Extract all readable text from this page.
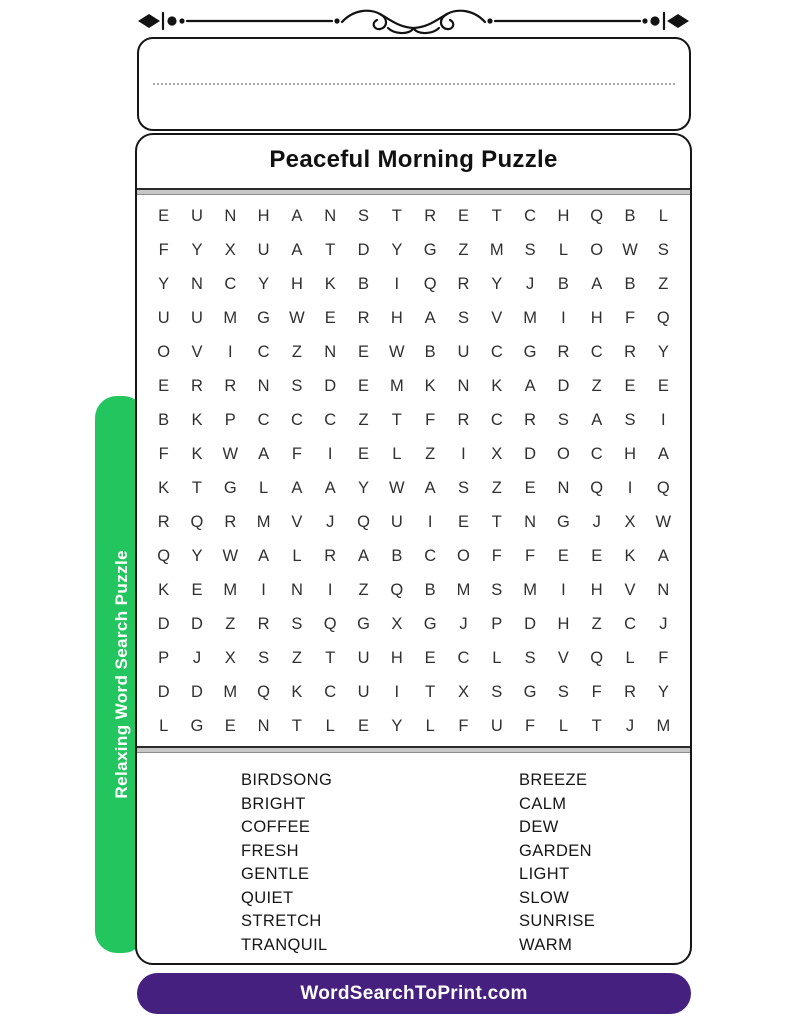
Relaxing Word Search Puzzle
Peaceful Morning Puzzle
E	U	N	H	A	N	S	T	R	E	T	C	H	Q	B	L
F	Y	X	U	A	T	D	Y	G	Z	M	S	L	O	W	S
Y	N	C	Y	H	K	B	I	Q	R	Y	J	B	A	B	Z
U	U	M	G	W	E	R	H	A	S	V	M	I	H	F	Q
O	V	I	C	Z	N	E	W	B	U	C	G	R	C	R	Y
E	R	R	N	S	D	E	M	K	N	K	A	D	Z	E	E
B	K	P	C	C	C	Z	T	F	R	C	R	S	A	S	I
F	K	W	A	F	I	E	L	Z	I	X	D	O	C	H	A
K	T	G	L	A	A	Y	W	A	S	Z	E	N	Q	I	Q
R	Q	R	M	V	J	Q	U	I	E	T	N	G	J	X	W
Q	Y	W	A	L	R	A	B	C	O	F	F	E	E	K	A
K	E	M	I	N	I	Z	Q	B	M	S	M	I	H	V	N
D	D	Z	R	S	Q	G	X	G	J	P	D	H	Z	C	J
P	J	X	S	Z	T	U	H	E	C	L	S	V	Q	L	F
D	D	M	Q	K	C	U	I	T	X	S	G	S	F	R	Y
L	G	E	N	T	L	E	Y	L	F	U	F	L	T	J	M
BIRDSONG
BRIGHT
COFFEE
FRESH
GENTLE
QUIET
STRETCH
TRANQUIL
BREEZE
CALM
DEW
GARDEN
LIGHT
SLOW
SUNRISE
WARM
WordSearchToPrint.com
